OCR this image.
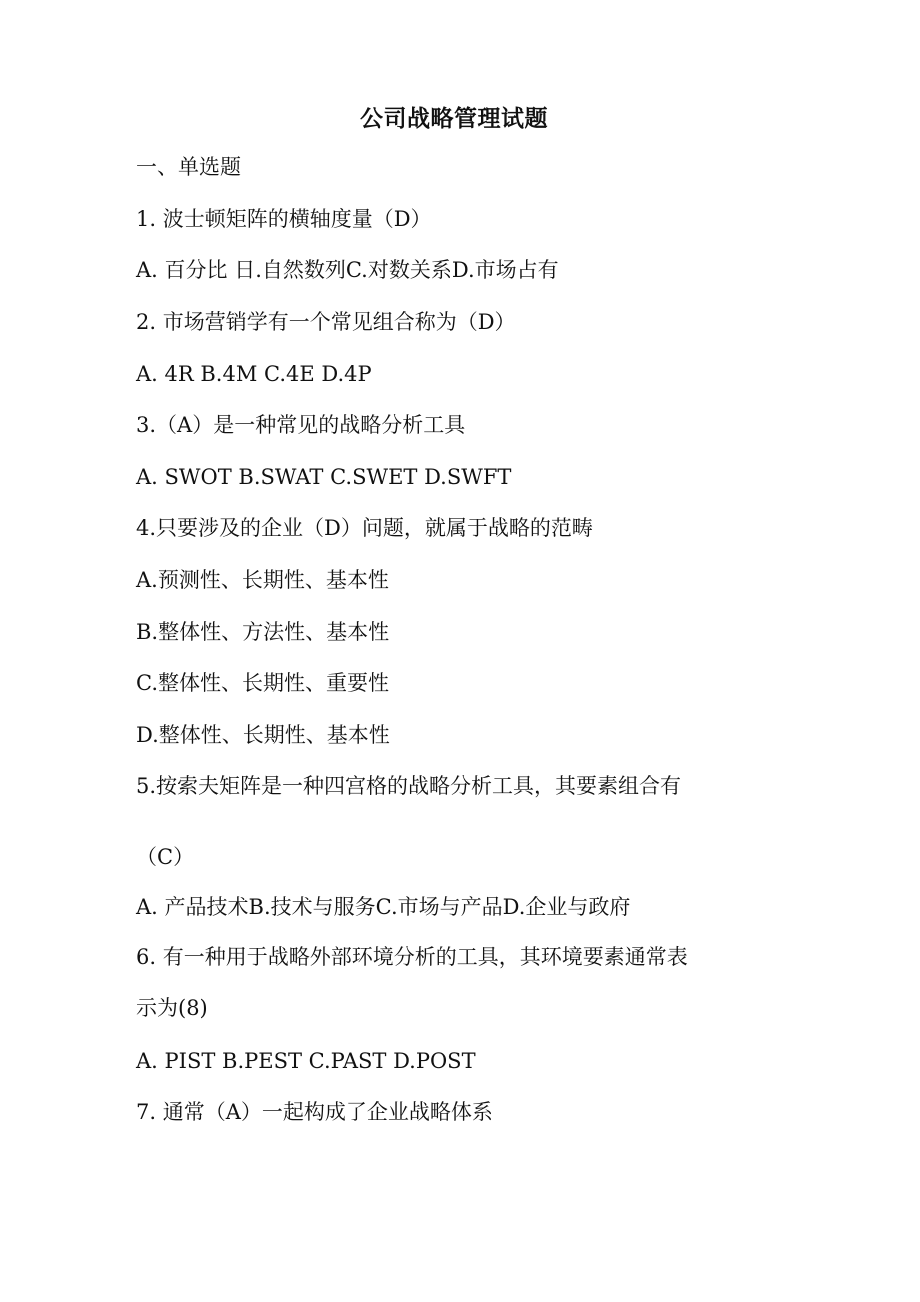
公司战略管理试题
一、单选题
1. 波士顿矩阵的横轴度量（D）
A. 百分比 日.自然数列C.对数关系D.市场占有
2. 市场营销学有一个常见组合称为（D）
A. 4R B.4M C.4E D.4P
3.（A）是一种常见的战略分析工具
A. SWOT B.SWAT C.SWET D.SWFT
4.只要涉及的企业（D）问题，就属于战略的范畴
A.预测性、长期性、基本性
B.整体性、方法性、基本性
C.整体性、长期性、重要性
D.整体性、长期性、基本性
5.按索夫矩阵是一种四宫格的战略分析工具，其要素组合有
（C）
A. 产品技术B.技术与服务C.市场与产品D.企业与政府
6. 有一种用于战略外部环境分析的工具，其环境要素通常表
示为(8)
A. PIST B.PEST C.PAST D.POST
7. 通常（A）一起构成了企业战略体系
